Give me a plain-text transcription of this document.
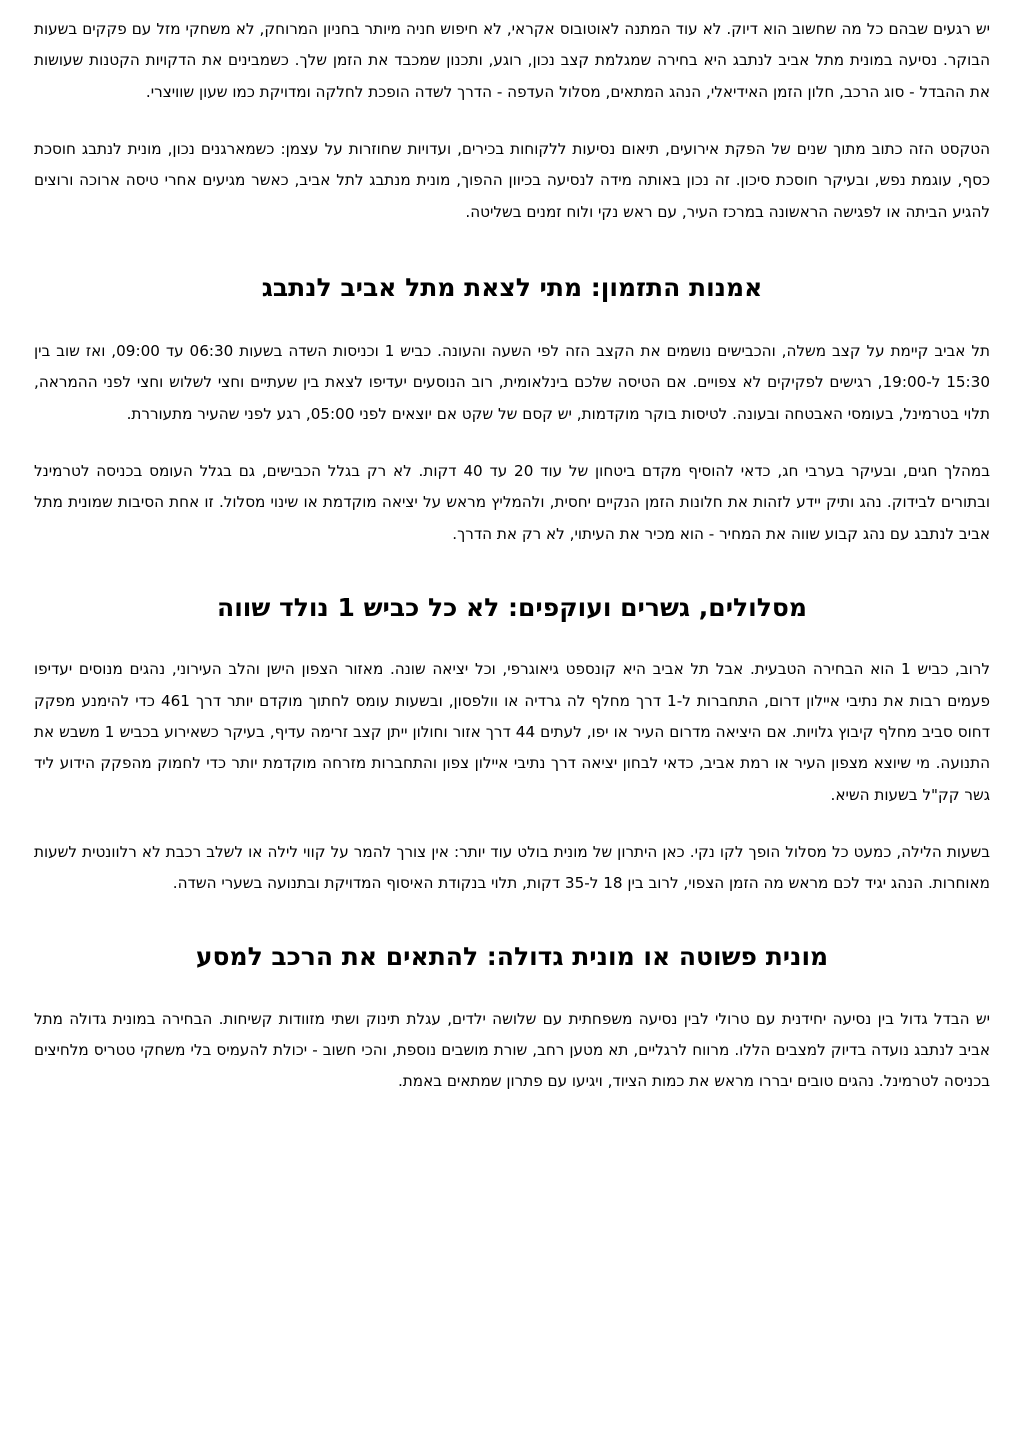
יש רגעים שבהם כל מה שחשוב הוא דיוק. לא עוד המתנה לאוטובוס אקראי, לא חיפוש חניה מיותר בחניון המרוחק, לא משחקי מזל עם פקקים בשעות הבוקר. נסיעה במונית מתל אביב לנתבג היא בחירה שמגלמת קצב נכון, רוגע, ותכנון שמכבד את הזמן שלך. כשמבינים את הדקויות הקטנות שעושות את ההבדל - סוג הרכב, חלון הזמן האידיאלי, הנהג המתאים, מסלול העדפה - הדרך לשדה הופכת לחלקה ומדויקת כמו שעון שוויצרי.

הטקסט הזה כתוב מתוך שנים של הפקת אירועים, תיאום נסיעות ללקוחות בכירים, ועדויות שחוזרות על עצמן: כשמארגנים נכון, מונית לנתבג חוסכת כסף, עוגמת נפש, ובעיקר חוסכת סיכון. זה נכון באותה מידה לנסיעה בכיוון ההפוך, מונית מנתבג לתל אביב, כאשר מגיעים אחרי טיסה ארוכה ורוצים להגיע הביתה או לפגישה הראשונה במרכז העיר, עם ראש נקי ולוח זמנים בשליטה.

אמנות התזמון: מתי לצאת מתל אביב לנתבג

תל אביב קיימת על קצב משלה, והכבישים נושמים את הקצב הזה לפי השעה והעונה. כביש 1 וכניסות השדה בשעות 06:30 עד 09:00, ואז שוב בין 15:30 ל-19:00, רגישים לפקיקים לא צפויים. אם הטיסה שלכם בינלאומית, רוב הנוסעים יעדיפו לצאת בין שעתיים וחצי לשלוש וחצי לפני ההמראה, תלוי בטרמינל, בעומסי האבטחה ובעונה. לטיסות בוקר מוקדמות, יש קסם של שקט אם יוצאים לפני 05:00, רגע לפני שהעיר מתעוררת.

במהלך חגים, ובעיקר בערבי חג, כדאי להוסיף מקדם ביטחון של עוד 20 עד 40 דקות. לא רק בגלל הכבישים, גם בגלל העומס בכניסה לטרמינל ובתורים לבידוק. נהג ותיק יידע לזהות את חלונות הזמן הנקיים יחסית, ולהמליץ מראש על יציאה מוקדמת או שינוי מסלול. זו אחת הסיבות שמונית מתל אביב לנתבג עם נהג קבוע שווה את המחיר - הוא מכיר את העיתוי, לא רק את הדרך.

מסלולים, גשרים ועוקפים: לא כל כביש 1 נולד שווה

לרוב, כביש 1 הוא הבחירה הטבעית. אבל תל אביב היא קונספט גיאוגרפי, וכל יציאה שונה. מאזור הצפון הישן והלב העירוני, נהגים מנוסים יעדיפו פעמים רבות את נתיבי איילון דרום, התחברות ל-1 דרך מחלף לה גרדיה או וולפסון, ובשעות עומס לחתוך מוקדם יותר דרך 461 כדי להימנע מפקק דחוס סביב מחלף קיבוץ גלויות. אם היציאה מדרום העיר או יפו, לעתים 44 דרך אזור וחולון ייתן קצב זרימה עדיף, בעיקר כשאירוע בכביש 1 משבש את התנועה. מי שיוצא מצפון העיר או רמת אביב, כדאי לבחון יציאה דרך נתיבי איילון צפון והתחברות מזרחה מוקדמת יותר כדי לחמוק מהפקק הידוע ליד גשר קק"ל בשעות השיא.

בשעות הלילה, כמעט כל מסלול הופך לקו נקי. כאן היתרון של מונית בולט עוד יותר: אין צורך להמר על קווי לילה או לשלב רכבת לא רלוונטית לשעות מאוחרות. הנהג יגיד לכם מראש מה הזמן הצפוי, לרוב בין 18 ל-35 דקות, תלוי בנקודת האיסוף המדויקת ובתנועה בשערי השדה.

מונית פשוטה או מונית גדולה: להתאים את הרכב למסע

יש הבדל גדול בין נסיעה יחידנית עם טרולי לבין נסיעה משפחתית עם שלושה ילדים, עגלת תינוק ושתי מזוודות קשיחות. הבחירה במונית גדולה מתל אביב לנתבג נועדה בדיוק למצבים הללו. מרווח לרגליים, תא מטען רחב, שורת מושבים נוספת, והכי חשוב - יכולת להעמיס בלי משחקי טטריס מלחיצים בכניסה לטרמינל. נהגים טובים יבררו מראש את כמות הציוד, ויגיעו עם פתרון שמתאים באמת.
